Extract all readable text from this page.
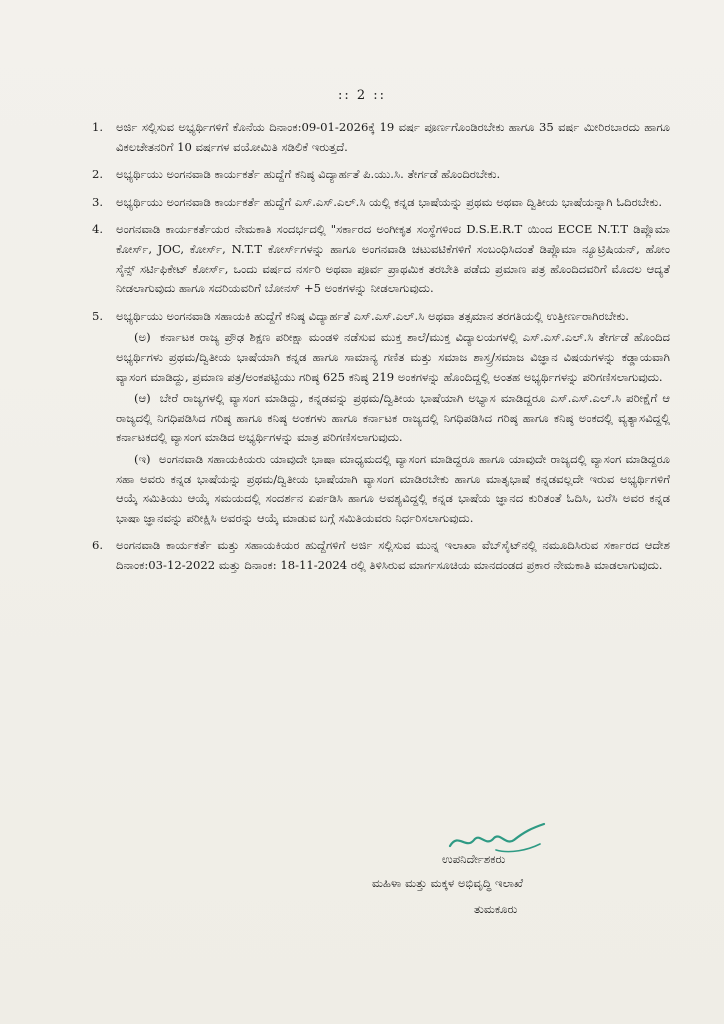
:: 2 ::
1. ಅರ್ಜಿ ಸಲ್ಲಿಸುವ ಅಭ್ಯರ್ಥಿಗಳಿಗೆ ಕೊನೆಯ ದಿನಾಂಕ:09-01-2026ಕ್ಕೆ 19 ವರ್ಷ ಪೂರ್ಣಗೊಂಡಿರಬೇಕು ಹಾಗೂ 35 ವರ್ಷ ಮೀರಿರಬಾರದು ಹಾಗೂ ವಿಕಲಚೇತನರಿಗೆ 10 ವರ್ಷಗಳ ವಯೋಮಿತಿ ಸಡಿಲಿಕೆ ಇರುತ್ತದೆ.
2. ಅಭ್ಯರ್ಥಿಯು ಅಂಗನವಾಡಿ ಕಾರ್ಯಕರ್ತೆ ಹುದ್ದೆಗೆ ಕನಿಷ್ಠ ವಿದ್ಯಾರ್ಹತೆ ಪಿ.ಯು.ಸಿ. ತೇರ್ಗಡೆ ಹೊಂದಿರಬೇಕು.
3. ಅಭ್ಯರ್ಥಿಯು ಅಂಗನವಾಡಿ ಕಾರ್ಯಕರ್ತೆ ಹುದ್ದೆಗೆ ಎಸ್.ಎಸ್.ಎಲ್.ಸಿ ಯಲ್ಲಿ ಕನ್ನಡ ಭಾಷೆಯನ್ನು ಪ್ರಥಮ ಅಥವಾ ದ್ವಿತೀಯ ಭಾಷೆಯನ್ನಾಗಿ ಓದಿರಬೇಕು.
4. ಅಂಗನವಾಡಿ ಕಾರ್ಯಕರ್ತೆಯರ ನೇಮಕಾತಿ ಸಂದರ್ಭದಲ್ಲಿ "ಸರ್ಕಾರದ ಅಂಗೀಕೃತ ಸಂಸ್ಥೆಗಳಿಂದ D.S.E.R.T ಯಿಂದ ECCE N.T.T ಡಿಪ್ಲೊಮಾ ಕೋರ್ಸ್, JOC, ಕೋರ್ಸ್, N.T.T ಕೋರ್ಸ್‌ಗಳನ್ನು ಹಾಗೂ ಅಂಗನವಾಡಿ ಚಟುವಟಿಕೆಗಳಿಗೆ ಸಂಬಂಧಿಸಿದಂತೆ ಡಿಪ್ಲೊಮಾ ನ್ಯೂಟ್ರಿಷಿಯನ್, ಹೋಂ ಸೈನ್ಸ್ ಸರ್ಟಿಫಿಕೇಟ್ ಕೋರ್ಸ್, ಒಂದು ವರ್ಷದ ನರ್ಸರಿ ಅಥವಾ ಪೂರ್ವ ಪ್ರಾಥಮಿಕ ತರಬೇತಿ ಪಡೆದು ಪ್ರಮಾಣ ಪತ್ರ ಹೊಂದಿದವರಿಗೆ ಮೊದಲ ಆದ್ಯತೆ ನೀಡಲಾಗುವುದು ಹಾಗೂ ಸದರಿಯವರಿಗೆ ಬೋನಸ್ +5 ಅಂಕಗಳನ್ನು ನೀಡಲಾಗುವುದು.
5. ಅಭ್ಯರ್ಥಿಯು ಅಂಗನವಾಡಿ ಸಹಾಯಕಿ ಹುದ್ದೆಗೆ ಕನಿಷ್ಠ ವಿದ್ಯಾರ್ಹತೆ ಎಸ್.ಎಸ್.ಎಲ್.ಸಿ ಅಥವಾ ತತ್ಸಮಾನ ತರಗತಿಯಲ್ಲಿ ಉತ್ತೀರ್ಣರಾಗಿರಬೇಕು.
(ಅ) ಕರ್ನಾಟಕ ರಾಜ್ಯ ಪ್ರೌಢ ಶಿಕ್ಷಣ ಪರೀಕ್ಷಾ ಮಂಡಳಿ ನಡೆಸುವ ಮುಕ್ತ ಶಾಲೆ/ಮುಕ್ತ ವಿದ್ಯಾಲಯಗಳಲ್ಲಿ ಎಸ್.ಎಸ್.ಎಲ್.ಸಿ ತೇರ್ಗಡೆ ಹೊಂದಿದ ಅಭ್ಯರ್ಥಿಗಳು ಪ್ರಥಮ/ದ್ವಿತೀಯ ಭಾಷೆಯಾಗಿ ಕನ್ನಡ ಹಾಗೂ ಸಾಮಾನ್ಯ ಗಣಿತ ಮತ್ತು ಸಮಾಜ ಶಾಸ್ತ್ರ/ಸಮಾಜ ವಿಜ್ಞಾನ ವಿಷಯಗಳನ್ನು ಕಡ್ಡಾಯವಾಗಿ ವ್ಯಾಸಂಗ ಮಾಡಿದ್ದು, ಪ್ರಮಾಣ ಪತ್ರ/ಅಂಕಪಟ್ಟಿಯು ಗರಿಷ್ಠ 625 ಕನಿಷ್ಠ 219 ಅಂಕಗಳನ್ನು ಹೊಂದಿದ್ದಲ್ಲಿ ಅಂತಹ ಅಭ್ಯರ್ಥಿಗಳನ್ನು ಪರಿಗಣಿಸಲಾಗುವುದು.
(ಆ) ಬೇರೆ ರಾಜ್ಯಗಳಲ್ಲಿ ವ್ಯಾಸಂಗ ಮಾಡಿದ್ದು, ಕನ್ನಡವನ್ನು ಪ್ರಥಮ/ದ್ವಿತೀಯ ಭಾಷೆಯಾಗಿ ಅಭ್ಯಾಸ ಮಾಡಿದ್ದರೂ ಎಸ್.ಎಸ್.ಎಲ್.ಸಿ ಪರೀಕ್ಷೆಗೆ ಆ ರಾಜ್ಯದಲ್ಲಿ ನಿಗಧಿಪಡಿಸಿದ ಗರಿಷ್ಠ ಹಾಗೂ ಕನಿಷ್ಠ ಅಂಕಗಳು ಹಾಗೂ ಕರ್ನಾಟಕ ರಾಜ್ಯದಲ್ಲಿ ನಿಗಧಿಪಡಿಸಿದ ಗರಿಷ್ಠ ಹಾಗೂ ಕನಿಷ್ಠ ಅಂಕದಲ್ಲಿ ವ್ಯತ್ಯಾಸವಿದ್ದಲ್ಲಿ ಕರ್ನಾಟಕದಲ್ಲಿ ವ್ಯಾಸಂಗ ಮಾಡಿದ ಅಭ್ಯರ್ಥಿಗಳನ್ನು ಮಾತ್ರ ಪರಿಗಣಿಸಲಾಗುವುದು.
(ಇ) ಅಂಗನವಾಡಿ ಸಹಾಯಕಿಯರು ಯಾವುದೇ ಭಾಷಾ ಮಾಧ್ಯಮದಲ್ಲಿ ವ್ಯಾಸಂಗ ಮಾಡಿದ್ದರೂ ಹಾಗೂ ಯಾವುದೇ ರಾಜ್ಯದಲ್ಲಿ ವ್ಯಾಸಂಗ ಮಾಡಿದ್ದರೂ ಸಹಾ ಅವರು ಕನ್ನಡ ಭಾಷೆಯನ್ನು ಪ್ರಥಮ/ದ್ವಿತೀಯ ಭಾಷೆಯಾಗಿ ವ್ಯಾಸಂಗ ಮಾಡಿರಬೇಕು ಹಾಗೂ ಮಾತೃಭಾಷೆ ಕನ್ನಡವಲ್ಲದೇ ಇರುವ ಅಭ್ಯರ್ಥಿಗಳಿಗೆ ಆಯ್ಕೆ ಸಮಿತಿಯು ಆಯ್ಕೆ ಸಮಯದಲ್ಲಿ ಸಂದರ್ಶನ ಏರ್ಪಡಿಸಿ ಹಾಗೂ ಅವಶ್ಯವಿದ್ದಲ್ಲಿ ಕನ್ನಡ ಭಾಷೆಯ ಜ್ಞಾನದ ಕುರಿತಂತೆ ಓದಿಸಿ, ಬರೆಸಿ ಅವರ ಕನ್ನಡ ಭಾಷಾ ಜ್ಞಾನವನ್ನು ಪರೀಕ್ಷಿಸಿ ಅವರನ್ನು ಆಯ್ಕೆ ಮಾಡುವ ಬಗ್ಗೆ ಸಮಿತಿಯವರು ನಿರ್ಧರಿಸಲಾಗುವುದು.
6. ಅಂಗನವಾಡಿ ಕಾರ್ಯಕರ್ತೆ ಮತ್ತು ಸಹಾಯಕಿಯರ ಹುದ್ದೆಗಳಿಗೆ ಅರ್ಜಿ ಸಲ್ಲಿಸುವ ಮುನ್ನ ಇಲಾಖಾ ವೆಬ್‌ಸೈಟ್‌ನಲ್ಲಿ ನಮೂದಿಸಿರುವ ಸರ್ಕಾರದ ಆದೇಶ ದಿನಾಂಕ:03-12-2022 ಮತ್ತು ದಿನಾಂಕ: 18-11-2024 ರಲ್ಲಿ ತಿಳಿಸಿರುವ ಮಾರ್ಗಸೂಚಿಯ ಮಾನದಂಡದ ಪ್ರಕಾರ ನೇಮಕಾತಿ ಮಾಡಲಾಗುವುದು.
ಉಪನಿರ್ದೇಶಕರು
ಮಹಿಳಾ ಮತ್ತು ಮಕ್ಕಳ ಅಭಿವೃದ್ಧಿ ಇಲಾಖೆ
ತುಮಕೂರು
